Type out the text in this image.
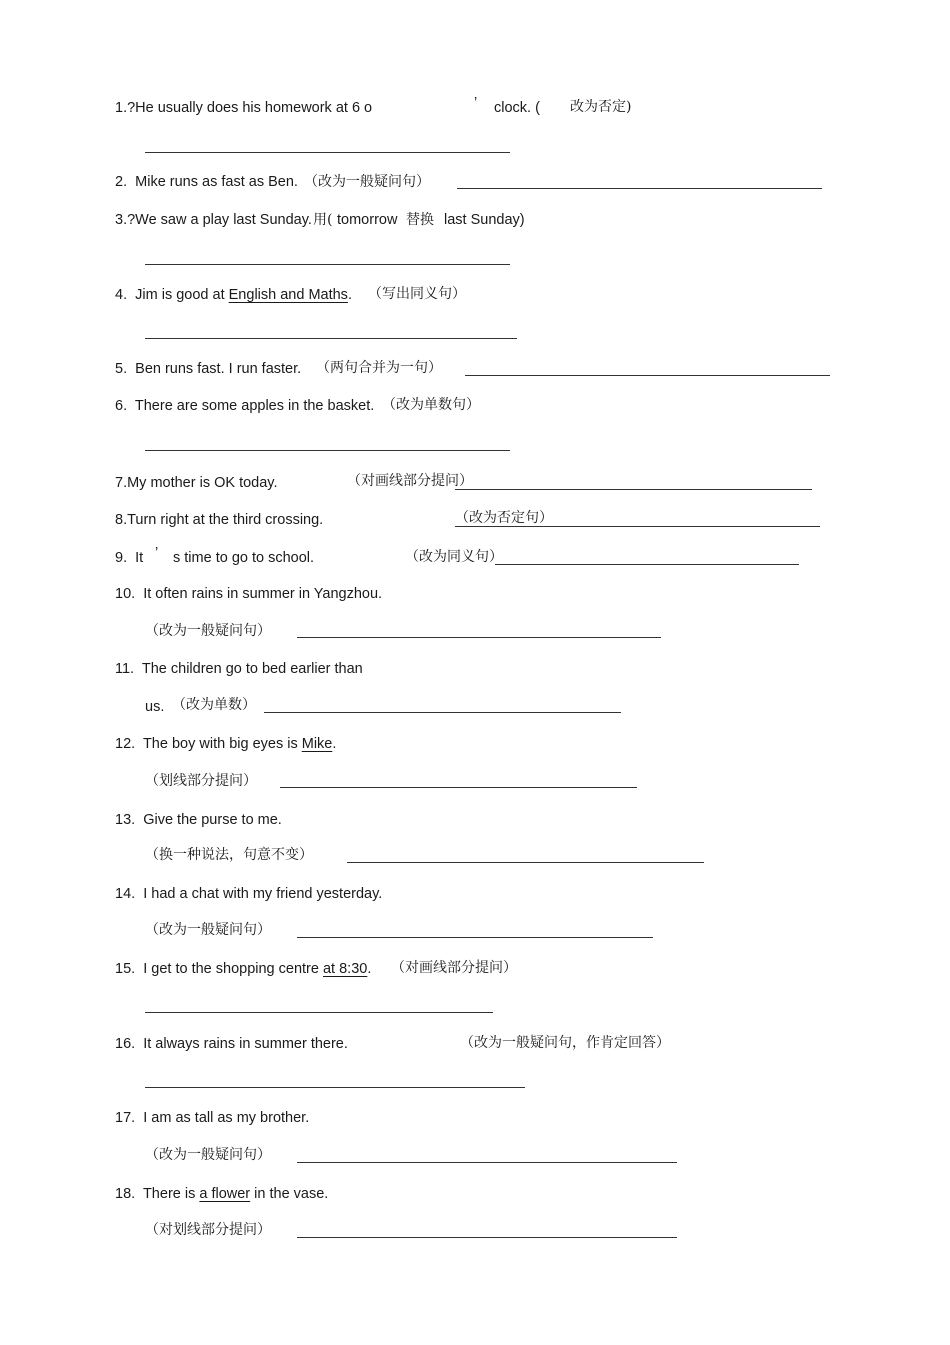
1.?He usually does his homework at 6 o	’ clock. ( 改为否定)
2.  Mike runs as fast as Ben. （改为一般疑问句）
3.?We saw a play last Sunday. 用( tomorrow 替换 last Sunday)
4.  Jim is good at English and Maths. （写出同义句）
5.  Ben runs fast. I run faster. （两句合并为一句）
6.  There are some apples in the basket. （改为单数句）
7.My mother is OK today.	（对画线部分提问）
8.Turn right at the third crossing.	（改为否定句）
9.  It ’ s time to go to school.	（改为同义句）
10.  It often rains in summer in Yangzhou.
（改为一般疑问句）
11.  The children go to bed earlier than
us. （改为单数）
12.  The boy with big eyes is Mike.
（划线部分提问）
13.  Give the purse to me.
（换一种说法，句意不变）
14.  I had a chat with my friend yesterday.
（改为一般疑问句）
15.  I get to the shopping centre at 8:30. （对画线部分提问）
16.  It always rains in summer there.	（改为一般疑问句，作肯定回答）
17.  I am as tall as my brother.
（改为一般疑问句）
18.  There is a flower in the vase.
（对划线部分提问）
